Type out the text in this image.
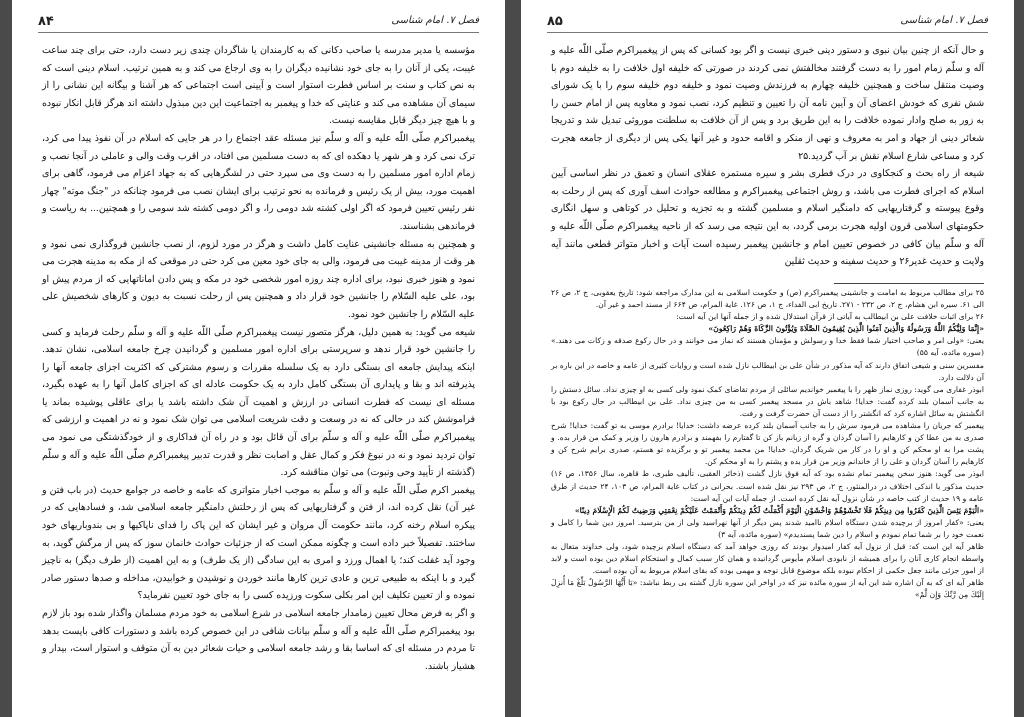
۸۴	فصل ۷. امام شناسی

مؤسسه یا مدیر مدرسه یا صاحب دکانی که به کارمندان یا شاگردان چندی زیر دست دارد، حتی برای چند ساعت غیبت، یکی از آنان را به جای خود نشانیده دیگران را به وی ارجاع می کند و به همین ترتیب. اسلام دینی است که به نص کتاب و سنت بر اساس فطرت استوار است و آیینی است اجتماعی که هر آشنا و بیگانه این نشانی را از سیمای آن مشاهده می کند و عنایتی که خدا و پیغمبر به اجتماعیت این دین مبذول داشته اند هرگز قابل انکار نبوده و با هیچ چیز دیگر قابل مقایسه نیست.

پیغمبراکرم صلّی اللّه علیه و آله و سلّم نیز مسئله عقد اجتماع را در هر جایی که اسلام در آن نفوذ پیدا می کرد، ترک نمی کرد و هر شهر یا دهکده ای که به دست مسلمین می افتاد، در اقرب وقت والی و عاملی در آنجا نصب و زمام اداره امور مسلمین را به دست وی می سپرد حتی در لشگرهایی که به جهاد اعزام می فرمود، گاهی برای اهمیت مورد، بیش از یک رئیس و فرمانده به نحو ترتیب برای ایشان نصب می فرمود چنانکه در "جنگ موته" چهار نفر رئیس تعیین فرمود که اگر اولی کشته شد دومی را، و اگر دومی کشته شد سومی را و همچنین... به ریاست و فرماندهی بشناسند.

و همچنین به مسئله جانشینی عنایت کامل داشت و هرگز در مورد لزوم، از نصب جانشین فروگذاری نمی نمود و هر وقت از مدینه غیبت می فرمود، والی به جای خود معین می کرد حتی در موقعی که از مکه به مدینه هجرت می نمود و هنوز خبری نبود، برای اداره چند روزه امور شخصی خود در مکه و پس دادن اماناتهایی که از مردم پیش او بود، علی علیه السّلام را جانشین خود قرار داد و همچنین پس از رحلت نسبت به دیون و کارهای شخصیش علی علیه السّلام را جانشین خود نمود.

شیعه می گوید: به همین دلیل، هرگز متصور نیست پیغمبراکرم صلّی اللّه علیه و آله و سلّم رحلت فرماید و کسی را جانشین خود قرار ندهد و سرپرستی برای اداره امور مسلمین و گردانیدن چرخ جامعه اسلامی، نشان ندهد. اینکه پیدایش جامعه ای بستگی دارد به یک سلسله مقررات و رسوم مشترکی که اکثریت اجزای جامعه آنها را پذیرفته اند و بقا و پایداری آن بستگی کامل دارد به یک حکومت عادله ای که اجزای کامل آنها را به عهده بگیرد، مسئله ای نیست که فطرت انسانی در ارزش و اهمیت آن شک داشته باشد یا برای عاقلی پوشیده بماند یا فراموشش کند در حالی که نه در وسعت و دقت شریعت اسلامی می توان شک نمود و نه در اهمیت و ارزشی که پیغمبراکرم صلّی اللّه علیه و آله و سلّم برای آن قائل بود و در راه آن فداکاری و از خودگذشتگی می نمود می توان تردید نمود و نه در نبوغ فکر و کمال عقل و اصابت نظر و قدرت تدبیر پیغمبراکرم صلّی اللّه علیه و آله و سلّم (گذشته از تأیید وحی ونبوت) می توان مناقشه کرد.

پیغمبر اکرم صلّی اللّه علیه و آله و سلّم به موجب اخبار متواتری که عامه و خاصه در جوامع حدیث (در باب فتن و غیر آن) نقل کرده اند، از فتن و گرفتاریهایی که پس از رحلتش دامنگیر جامعه اسلامی شد، و فسادهایی که در پیکره اسلام رخنه کرد، مانند حکومت آل مروان و غیر ایشان که این پاک را فدای ناپاکیها و بی بندوباریهای خود ساختند. تفصیلاً خبر داده است و چگونه ممکن است که از جزئیات حوادث خانمان سوز که پس از مرگش گوید، به وجود آید غفلت کند؛ یا اهمال ورزد و امری به این سادگی (از یک طرف) و به این اهمیت (از طرف دیگر) به ناچیز گیرد و با اینکه به طبیعی ترین و عادی ترین کارها مانند خوردن و نوشیدن و خوابیدن، مداخله و صدها دستور صادر نموده و از تعیین تکلیف این امر بکلی سکوت ورزیده کسی را به جای خود تعیین نفرماید؟

و اگر به فرض محال تعیین زمامدار جامعه اسلامی در شرع اسلامی به خود مردم مسلمان واگذار شده بود باز لازم بود پیغمبراکرم صلّی اللّه علیه و آله و سلّم بیانات شافی در این خصوص کرده باشد و دستورات کافی بایست بدهد تا مردم در مسئله ای که اساسا بقا و رشد جامعه اسلامی و حیات شعائر دین به آن متوقف و استوار است، بیدار و هشیار باشند.

۸۵	فصل ۷. امام شناسی

و حال آنکه از چنین بیان نبوی و دستور دینی خبری نیست و اگر بود کسانی که پس از پیغمبراکرم صلّی اللّه علیه و آله و سلّم زمام امور را به دست گرفتند مخالفتش نمی کردند در صورتی که خلیفه اول خلافت را به خلیفه دوم با وصیت منتقل ساخت و همچنین خلیفه چهارم به فرزندش وصیت نمود و خلیفه دوم خلیفه سوم را با یک شورای شش نفری که خودش اعضای آن و آیین نامه آن را تعیین و تنظیم کرد، نصب نمود و معاویه پس از امام حسن را به زور به صلح وادار نموده خلافت را به این طریق برد و پس از آن خلافت به سلطنت موروثی تبدیل شد و تدریجا شعائر دینی از جهاد و امر به معروف و نهی از منکر و اقامه حدود و غیر آنها یکی پس از دیگری از جامعه هجرت کرد و مساعی شارع اسلام نقش بر آب گردید.۲۵

شیعه از راه بحث و کنجکاوی در درک فطری بشر و سیره مستمره عقلای انسان و تعمق در نظر اساسی آیین اسلام که اجرای فطرت می باشد، و روش اجتماعی پیغمبراکرم و مطالعه حوادث اسف آوری که پس از رحلت به وقوع پیوسته و گرفتاریهایی که دامنگیر اسلام و مسلمین گشته و به تجزیه و تحلیل در کوتاهی و سهل انگاری حکومتهای اسلامی قرون اولیه هجرت برمی گردد، به این نتیجه می رسد که از ناحیه پیغمبراکرم صلّی اللّه علیه و آله و سلّم بیان کافی در خصوص تعیین امام و جانشین پیغمبر رسیده است آیات و اخبار متواتر قطعی مانند آیه ولایت و حدیث غدیر۲۶ و حدیث سفینه و حدیث ثقلین

۲۵ برای مطالب مربوط به امامت و جانشینی پیغمبراکرم (ص) و حکومت اسلامی به این مدارک مراجعه شود: تاریخ یعقوبی، ج ۲، ص ۲۶ الی ۶۱. سیره ابن هشام، ج ۲، ص ۲۳۲ - ۲۷۱. تاریخ ابی الفداء، ج ۱، ص ۱۲۶. غایة المرام، ص ۶۶۴ از مسند احمد و غیر آن.

۲۶ برای اثبات خلافت علی بن ابیطالب به آیاتی از قرآن استدلال شده و از جمله آنها این آیه است:

«إِنَّمَا وَلِيُّكُمُ اللَّهُ وَرَسُولُهُ وَالَّذِينَ آمَنُوا الَّذِينَ يُقِيمُونَ الصَّلَاةَ وَيُؤْتُونَ الزَّكَاةَ وَهُمْ رَاكِعُونَ»

یعنی: «ولی امر و صاحب اختیار شما فقط خدا و رسولش و مؤمنان هستند که نماز می خوانند و در حال رکوع صدقه و زکات می دهند.» (سوره مائده، آیه ۵۵)

مفسرین سنی و شیعی اتفاق دارند که آیه مذکور در شأن علی بن ابیطالب نازل شده است و روایات کثیری از عامه و خاصه در این باره بر آن دلالت دارد.

ابوذر غفاری می گوید: روزی نماز ظهر را با پیغمبر خواندیم سائلی از مردم تقاضای کمک نمود ولی کسی به او چیزی نداد. سائل دستش را به جانب آسمان بلند کرده گفت: خدایا! شاهد باش در مسجد پیغمبر کسی به من چیزی نداد. علی بن ابیطالب در حال رکوع بود با انگشتش به سائل اشاره کرد که انگشتر را از دست آن حضرت گرفت و رفت.

پیغمبر که جریان را مشاهده می فرمود سرش را به جانب آسمان بلند کرده عرضه داشت: خدایا! برادرم موسی به تو گفت: خدایا! شرح صدری به من عطا کن و کارهایم را آسان گردان و گره از زبانم باز کن تا گفتارم را بفهمند و برادرم هارون را وزیر و کمک من قرار بده. و پشت مرا به او محکم کن و او را در کار من شریک گردان. خدایا! من محمد پیغمبر تو و برگزیده تو هستم، صدری برایم شرح کن و کارهایم را آسان گردان و علی را از خاندانم وزیر من قرار بده و پشتم را به او محکم کن.

ابوذر می گوید: هنوز سخن پیغمبر تمام نشده بود که آیه فوق نازل گشت (ذخائر العقبی، تألیف طبری، ط قاهره، سال ۱۳۵۶، ص ۱۶) حدیث مذکور با اندکی اختلاف در درالمنثور، ج ۲، ص ۲۹۳ نیز نقل شده است. بحرانی در کتاب غایة المرام، ص ۱۰۳، ۲۴ حدیث از طرق عامه و ۱۹ حدیث از کتب خاصه در شأن نزول آیه نقل کرده است. از جمله آیات این آیه است:

«الْيَوْمَ يَئِسَ الَّذِينَ كَفَرُوا مِن دِينِكُمْ فَلَا تَخْشَوْهُمْ وَاخْشَوْنِ الْيَوْمَ أَكْمَلْتُ لَكُمْ دِينَكُمْ وَأَتْمَمْتُ عَلَيْكُمْ نِعْمَتِي وَرَضِيتُ لَكُمُ الْإِسْلَامَ دِينًا»

یعنی: «کفار امروز از برچیده شدن دستگاه اسلام ناامید شدند پس دیگر از آنها نهراسید ولی از من بترسید. امروز دین شما را کامل و نعمت خود را بر شما تمام نمودم و اسلام را دین شما پسندیدم» (سوره مائده، آیه ۳)

ظاهر آیه این است که: قبل از نزول آیه کفار امیدوار بودند که روزی خواهد آمد که دستگاه اسلام برچیده شود، ولی خداوند متعال به واسطه انجام کاری آنان را برای همیشه از نابودی اسلام مأیوس گردانیده و همان کار سبب کمال و استحکام اسلام دین بوده است و لابد از امور جزئی مانند جعل حکمی از احکام نبوده بلکه موضوع قابل توجه و مهمی بوده که بقای اسلام مربوط به آن بوده است.

ظاهر آیه ای که به آن اشاره شد این آیه از سوره مائده نیز که در اواخر این سوره نازل گشته بی ربط نباشد: «يَا أَيُّهَا الرَّسُولُ بَلِّغْ مَا أُنزِلَ إِلَيْكَ مِن رَّبِّكَ وَإِن لَّمْ»
